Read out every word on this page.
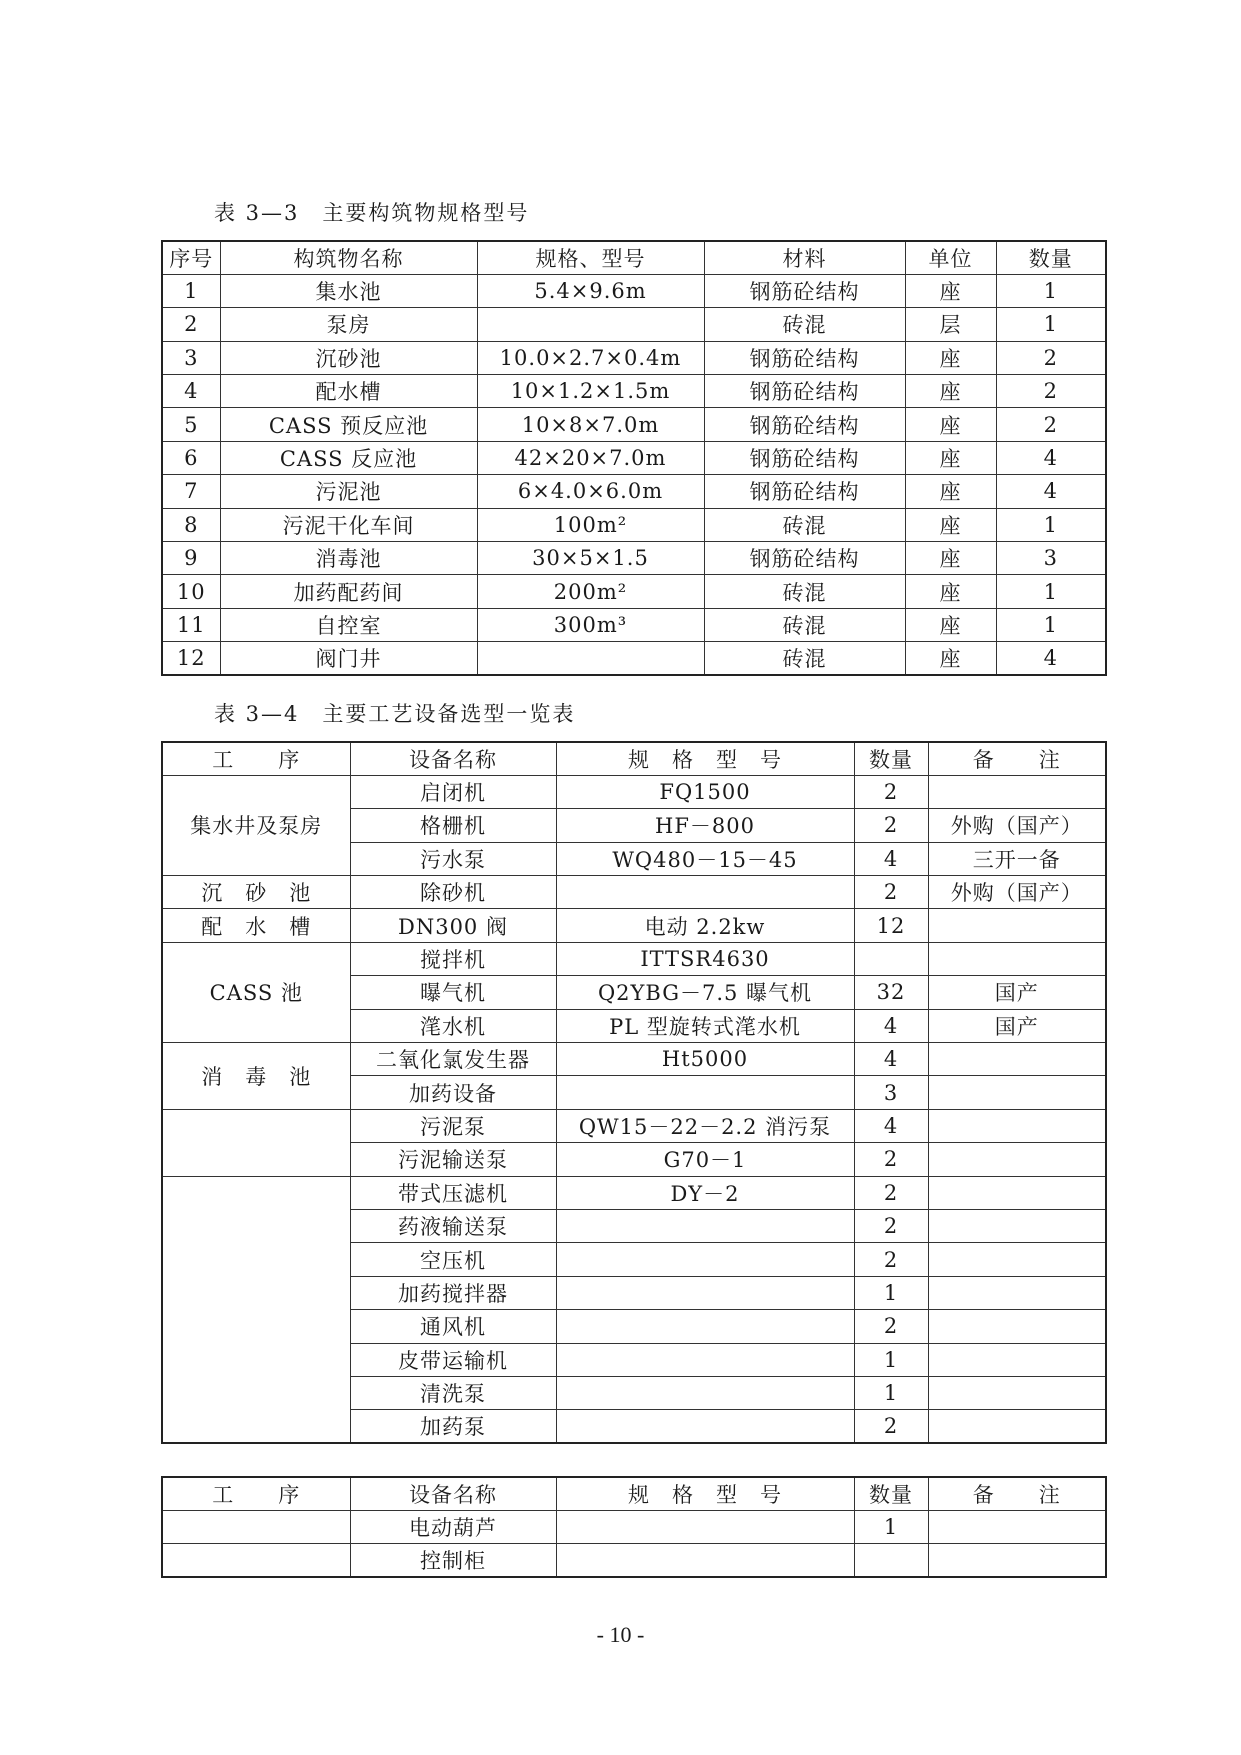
表 3—3　主要构筑物规格型号
序号	构筑物名称	规格、型号	材料	单位	数量
1	集水池	5.4×9.6m	钢筋砼结构	座	1
2	泵房		砖混	层	1
3	沉砂池	10.0×2.7×0.4m	钢筋砼结构	座	2
4	配水槽	10×1.2×1.5m	钢筋砼结构	座	2
5	CASS 预反应池	10×8×7.0m	钢筋砼结构	座	2
6	CASS 反应池	42×20×7.0m	钢筋砼结构	座	4
7	污泥池	6×4.0×6.0m	钢筋砼结构	座	4
8	污泥干化车间	100m²	砖混	座	1
9	消毒池	30×5×1.5	钢筋砼结构	座	3
10	加药配药间	200m²	砖混	座	1
11	自控室	300m³	砖混	座	1
12	阀门井		砖混	座	4
表 3—4　主要工艺设备选型一览表
工　　序	设备名称	规　格　型　号	数量	备　　注
集水井及泵房	启闭机	FQ1500	2	
	格栅机	HF－800	2	外购（国产）
	污水泵	WQ480－15－45	4	三开一备
沉　砂　池	除砂机		2	外购（国产）
配　水　槽	DN300 阀	电动 2.2kw	12	
CASS 池	搅拌机	ITTSR4630		
	曝气机	Q2YBG－7.5 曝气机	32	国产
	滗水机	PL 型旋转式滗水机	4	国产
消　毒　池	二氧化氯发生器	Ht5000	4	
	加药设备		3	
	污泥泵	QW15－22－2.2 消污泵	4	
	污泥输送泵	G70－1	2	
	带式压滤机	DY－2	2	
	药液输送泵		2	
	空压机		2	
	加药搅拌器		1	
	通风机		2	
	皮带运输机		1	
	清洗泵		1	
	加药泵		2	
工　　序	设备名称	规　格　型　号	数量	备　　注
	电动葫芦		1	
	控制柜			
- 10 -
